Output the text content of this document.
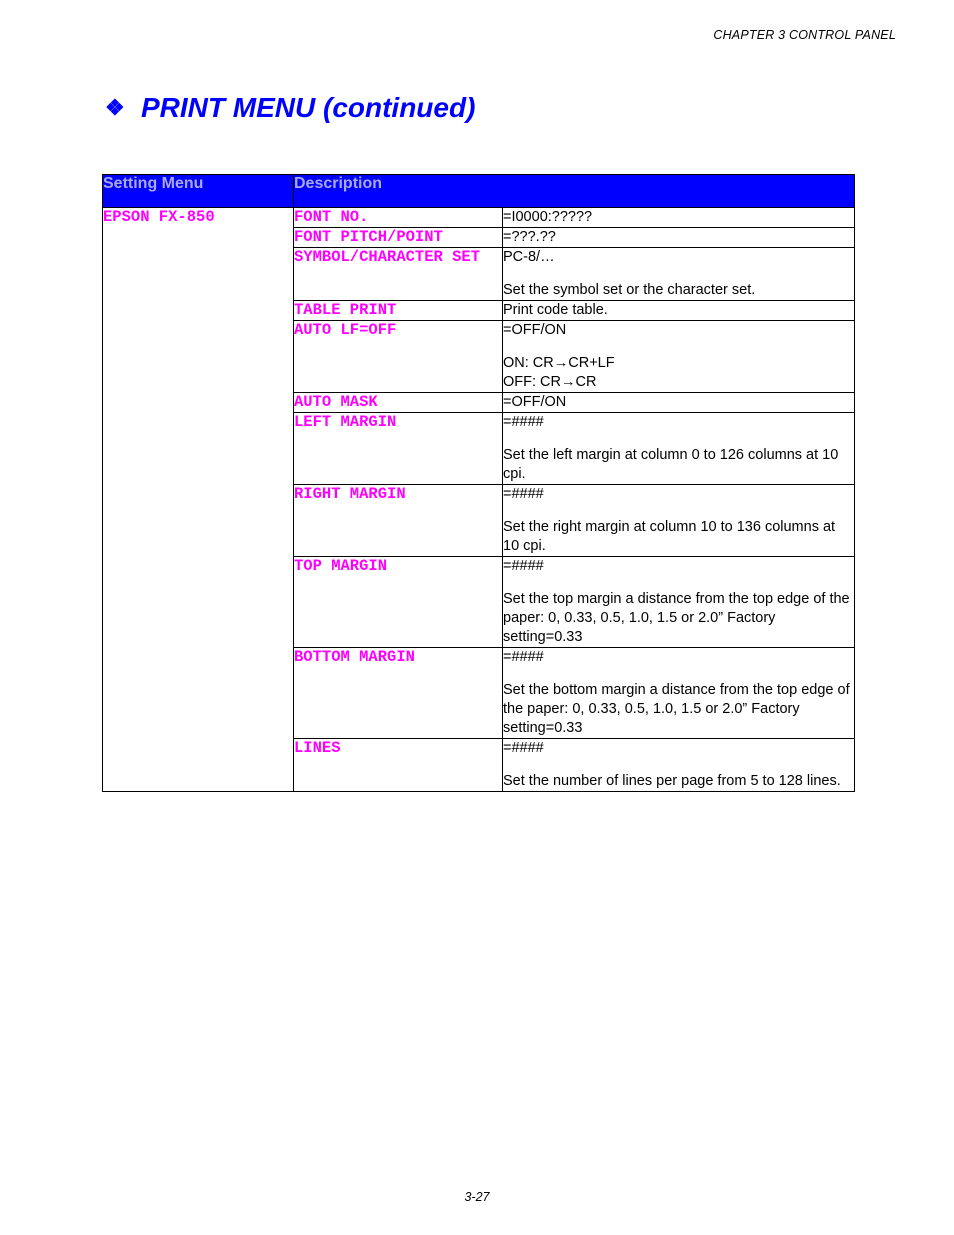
CHAPTER 3 CONTROL PANEL
❖ PRINT MENU (continued)
Setting Menu	Description	
EPSON FX-850	FONT NO.	=I0000:?????

	FONT PITCH/POINT	=???.??

	SYMBOL/CHARACTER SET	PC-8/…

Set the symbol set or the character set.

	TABLE PRINT	Print code table.

	AUTO LF=OFF	=OFF/ON

ON: CR→CR+LF
OFF: CR→CR

	AUTO MASK	=OFF/ON

	LEFT MARGIN	=####

Set the left margin at column 0 to 126 columns at 10 cpi.

	RIGHT MARGIN	=####

Set the right margin at column 10 to 136 columns at 10 cpi.

	TOP MARGIN	=####

Set the top margin a distance from the top edge of the paper: 0, 0.33, 0.5, 1.0, 1.5 or 2.0” Factory setting=0.33

	BOTTOM MARGIN	=####

Set the bottom margin a distance from the top edge of the paper: 0, 0.33, 0.5, 1.0, 1.5 or 2.0” Factory setting=0.33

	LINES	=####

Set the number of lines per page from 5 to 128 lines.

3-27
